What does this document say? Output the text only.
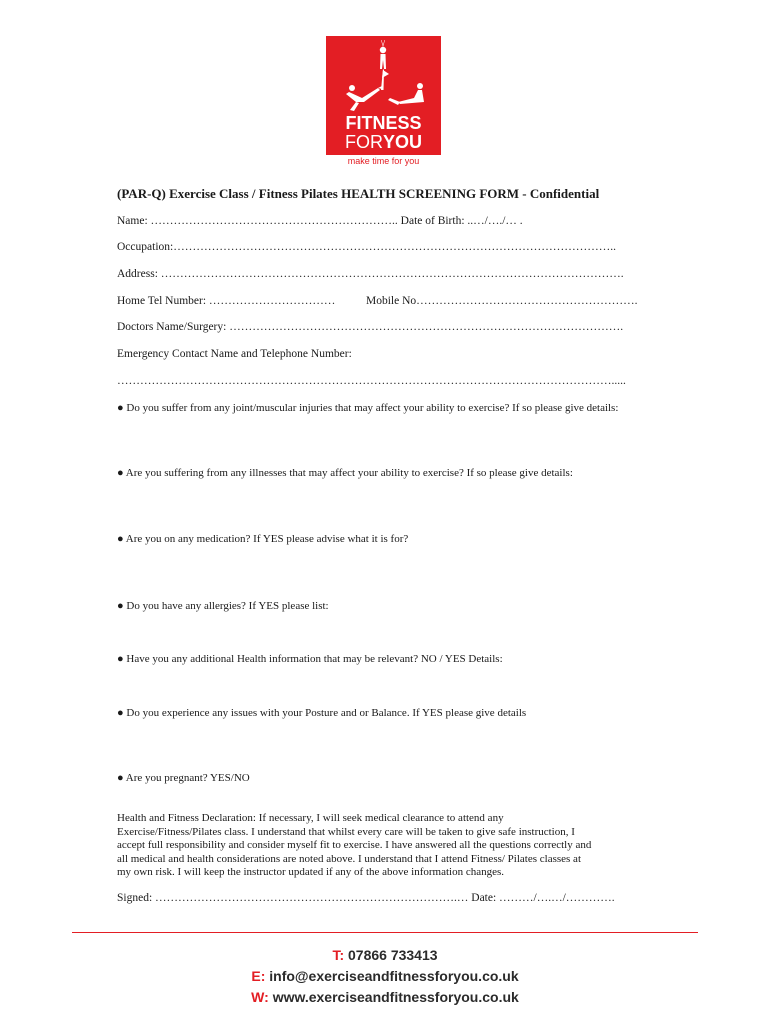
FITNESS
FORYOU
make time for you
(PAR-Q) Exercise Class / Fitness Pilates HEALTH SCREENING FORM - Confidential
Name: ……………………………………………………….. Date of Birth: ..…/…./… .
Occupation:……………………………………………………………………………………………………..
Address: ………………………………………………………………………………………………………….
Home Tel Number: ……………………………	Mobile No………………………………………………….
Doctors Name/Surgery: ………………………………………………………………………………………….
Emergency Contact Name and Telephone Number:
………………………………………………………………………………………………………………….....
● Do you suffer from any joint/muscular injuries that may affect your ability to exercise? If so please give details:
● Are you suffering from any illnesses that may affect your ability to exercise? If so please give details:
● Are you on any medication? If YES please advise what it is for?
● Do you have any allergies? If YES please list:
● Have you any additional Health information that may be relevant? NO / YES Details:
● Do you experience any issues with your Posture and or Balance. If YES please give details
● Are you pregnant? YES/NO
Health and Fitness Declaration: If necessary, I will seek medical clearance to attend any
Exercise/Fitness/Pilates class. I understand that whilst every care will be taken to give safe instruction, I
accept full responsibility and consider myself fit to exercise. I have answered all the questions correctly and
all medical and health considerations are noted above. I understand that I attend Fitness/ Pilates classes at
my own risk. I will keep the instructor updated if any of the above information changes.
Signed: …………………………………………………………………….… Date: ………/….…/………….
T: 07866 733413
E: info@exerciseandfitnessforyou.co.uk
W: www.exerciseandfitnessforyou.co.uk
